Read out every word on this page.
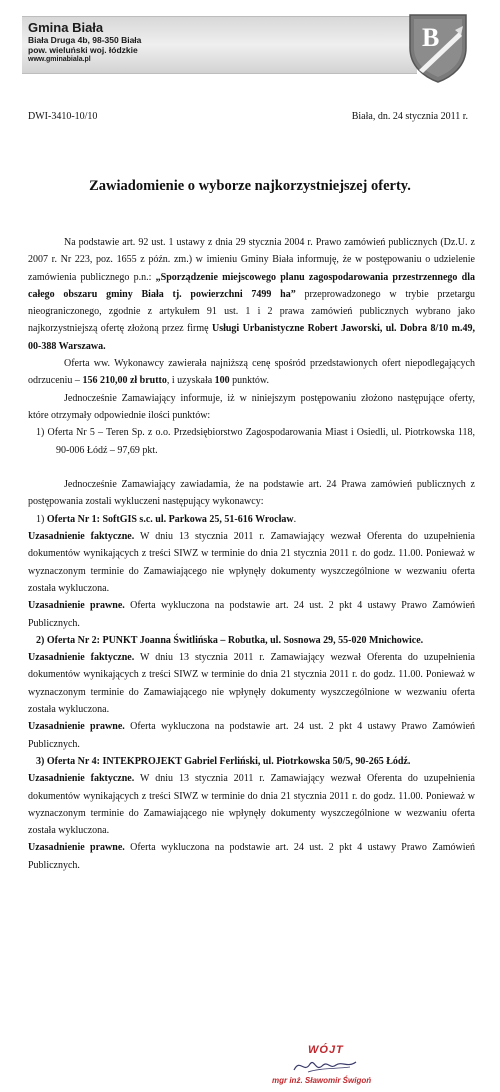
Gmina Biała
Biała Druga 4b, 98-350 Biała
pow. wieluński woj. łódzkie
www.gminabiala.pl
B
DWI-3410-10/10	Biała, dn. 24 stycznia 2011 r.
Zawiadomienie o wyborze najkorzystniejszej oferty.

Na podstawie art. 92 ust. 1 ustawy z dnia 29 stycznia 2004 r. Prawo zamówień publicznych (Dz.U. z 2007 r. Nr 223, poz. 1655 z późn. zm.) w imieniu Gminy Biała informuję, że w postępowaniu o udzielenie zamówienia publicznego p.n.: „Sporządzenie miejscowego planu zagospodarowania przestrzennego dla całego obszaru gminy Biała tj. powierzchni 7499 ha” przeprowadzonego w trybie przetargu nieograniczonego, zgodnie z artykułem 91 ust. 1 i 2 prawa zamówień publicznych wybrano jako najkorzystniejszą ofertę złożoną przez firmę Usługi Urbanistyczne Robert Jaworski, ul. Dobra 8/10 m.49, 00-388 Warszawa.

Oferta ww. Wykonawcy zawierała najniższą cenę spośród przedstawionych ofert niepodlegających odrzuceniu – 156 210,00 zł brutto, i uzyskała 100 punktów.

Jednocześnie Zamawiający informuje, iż w niniejszym postępowaniu złożono następujące oferty, które otrzymały odpowiednie ilości punktów:

1) Oferta Nr 5 – Teren Sp. z o.o. Przedsiębiorstwo Zagospodarowania Miast i Osiedli, ul. Piotrkowska 118, 90-006 Łódź – 97,69 pkt.

Jednocześnie Zamawiający zawiadamia, że na podstawie art. 24 Prawa zamówień publicznych z postępowania zostali wykluczeni następujący wykonawcy:

1) Oferta Nr 1: SoftGIS s.c. ul. Parkowa 25, 51-616 Wrocław.

Uzasadnienie faktyczne. W dniu 13 stycznia 2011 r. Zamawiający wezwał Oferenta do uzupełnienia dokumentów wynikających z treści SIWZ w terminie do dnia 21 stycznia 2011 r. do godz. 11.00. Ponieważ w wyznaczonym terminie do Zamawiającego nie wpłynęły dokumenty wyszczególnione w wezwaniu oferta została wykluczona.

Uzasadnienie prawne. Oferta wykluczona na podstawie art. 24 ust. 2 pkt 4 ustawy Prawo Zamówień Publicznych.

2) Oferta Nr 2: PUNKT Joanna Świtlińska – Robutka, ul. Sosnowa 29, 55-020 Mnichowice.

Uzasadnienie faktyczne. W dniu 13 stycznia 2011 r. Zamawiający wezwał Oferenta do uzupełnienia dokumentów wynikających z treści SIWZ w terminie do dnia 21 stycznia 2011 r. do godz. 11.00. Ponieważ w wyznaczonym terminie do Zamawiającego nie wpłynęły dokumenty wyszczególnione w wezwaniu oferta została wykluczona.

Uzasadnienie prawne. Oferta wykluczona na podstawie art. 24 ust. 2 pkt 4 ustawy Prawo Zamówień Publicznych.

3) Oferta Nr 4: INTEKPROJEKT Gabriel Ferliński, ul. Piotrkowska 50/5, 90-265 Łódź.

Uzasadnienie faktyczne. W dniu 13 stycznia 2011 r. Zamawiający wezwał Oferenta do uzupełnienia dokumentów wynikających z treści SIWZ w terminie do dnia 21 stycznia 2011 r. do godz. 11.00. Ponieważ w wyznaczonym terminie do Zamawiającego nie wpłynęły dokumenty wyszczególnione w wezwaniu oferta została wykluczona.

Uzasadnienie prawne. Oferta wykluczona na podstawie art. 24 ust. 2 pkt 4 ustawy Prawo Zamówień Publicznych.

WÓJT
mgr inż. Sławomir Świgoń
